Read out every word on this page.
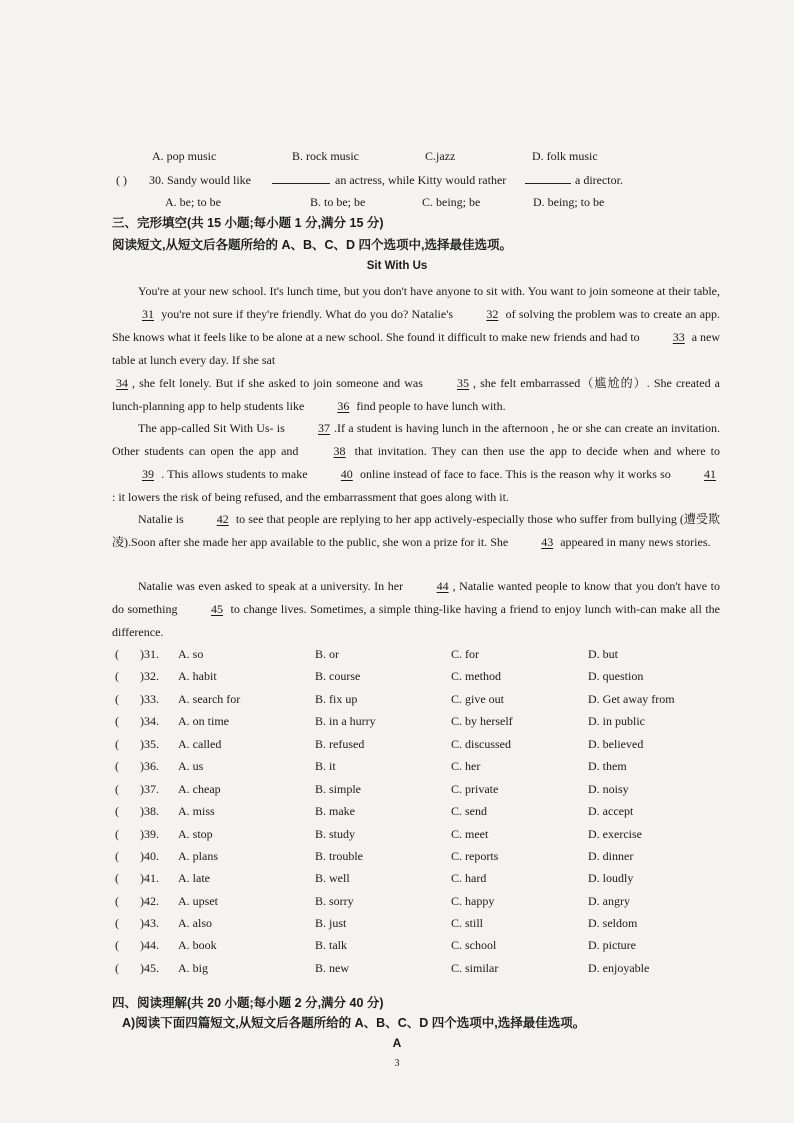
A. pop music	B. rock music	C.jazz	D. folk music
( ) 30. Sandy would like	an actress, while Kitty would rather	a director.
A. be; to be	B. to be; be	C. being; be	D. being; to be
三、完形填空(共 15 小题;每小题 1 分,满分 15 分)
阅读短文,从短文后各题所给的 A、B、C、D 四个选项中,选择最佳选项。
Sit With Us
You're at your new school. It's lunch time, but you don't have anyone to sit with. You want to join someone at their table, 31 you're not sure if they're friendly. What do you do? Natalie's	32 of solving the problem was to create an app. She knows what it feels like to be alone at a new school. She found it difficult to make new friends and had to	33 a new table at lunch every day. If she sat
34 , she felt lonely. But if she asked to join someone and was	35 , she felt embarrassed（尴尬的）. She created a lunch-planning app to help students like	36 find people to have lunch with.
The app-called Sit With Us- is	37 .If a student is having lunch in the afternoon , he or she can create an invitation. Other students can open the app and	38 that invitation. They can then use the app to decide when and where to 39 . This allows students to make	40 online instead of face to face. This is the reason why it works so	41 : it lowers the risk of being refused, and the embarrassment that goes along with it.
Natalie is	42 to see that people are replying to her app actively-especially those who suffer from bullying (遭受欺凌).Soon after she made her app available to the public, she won a prize for it. She	43 appeared in many news stories.
Natalie was even asked to speak at a university. In her	44 , Natalie wanted people to know that you don't have to do something	45 to change lives. Sometimes, a simple thing-like having a friend to enjoy lunch with-can make all the difference.
( )31. A. so	B. or	C. for	D. but
( )32. A. habit	B. course	C. method	D. question
( )33. A. search for	B. fix up	C. give out	D. Get away from
( )34. A. on time	B. in a hurry	C. by herself	D. in public
( )35. A. called	B. refused	C. discussed	D. believed
( )36. A. us	B. it	C. her	D. them
( )37. A. cheap	B. simple	C. private	D. noisy
( )38. A. miss	B. make	C. send	D. accept
( )39. A. stop	B. study	C. meet	D. exercise
( )40. A. plans	B. trouble	C. reports	D. dinner
( )41. A. late	B. well	C. hard	D. loudly
( )42. A. upset	B. sorry	C. happy	D. angry
( )43. A. also	B. just	C. still	D. seldom
( )44. A. book	B. talk	C. school	D. picture
( )45. A. big	B. new	C. similar	D. enjoyable
四、阅读理解(共 20 小题;每小题 2 分,满分 40 分)
A)阅读下面四篇短文,从短文后各题所给的 A、B、C、D 四个选项中,选择最佳选项。
A
3
